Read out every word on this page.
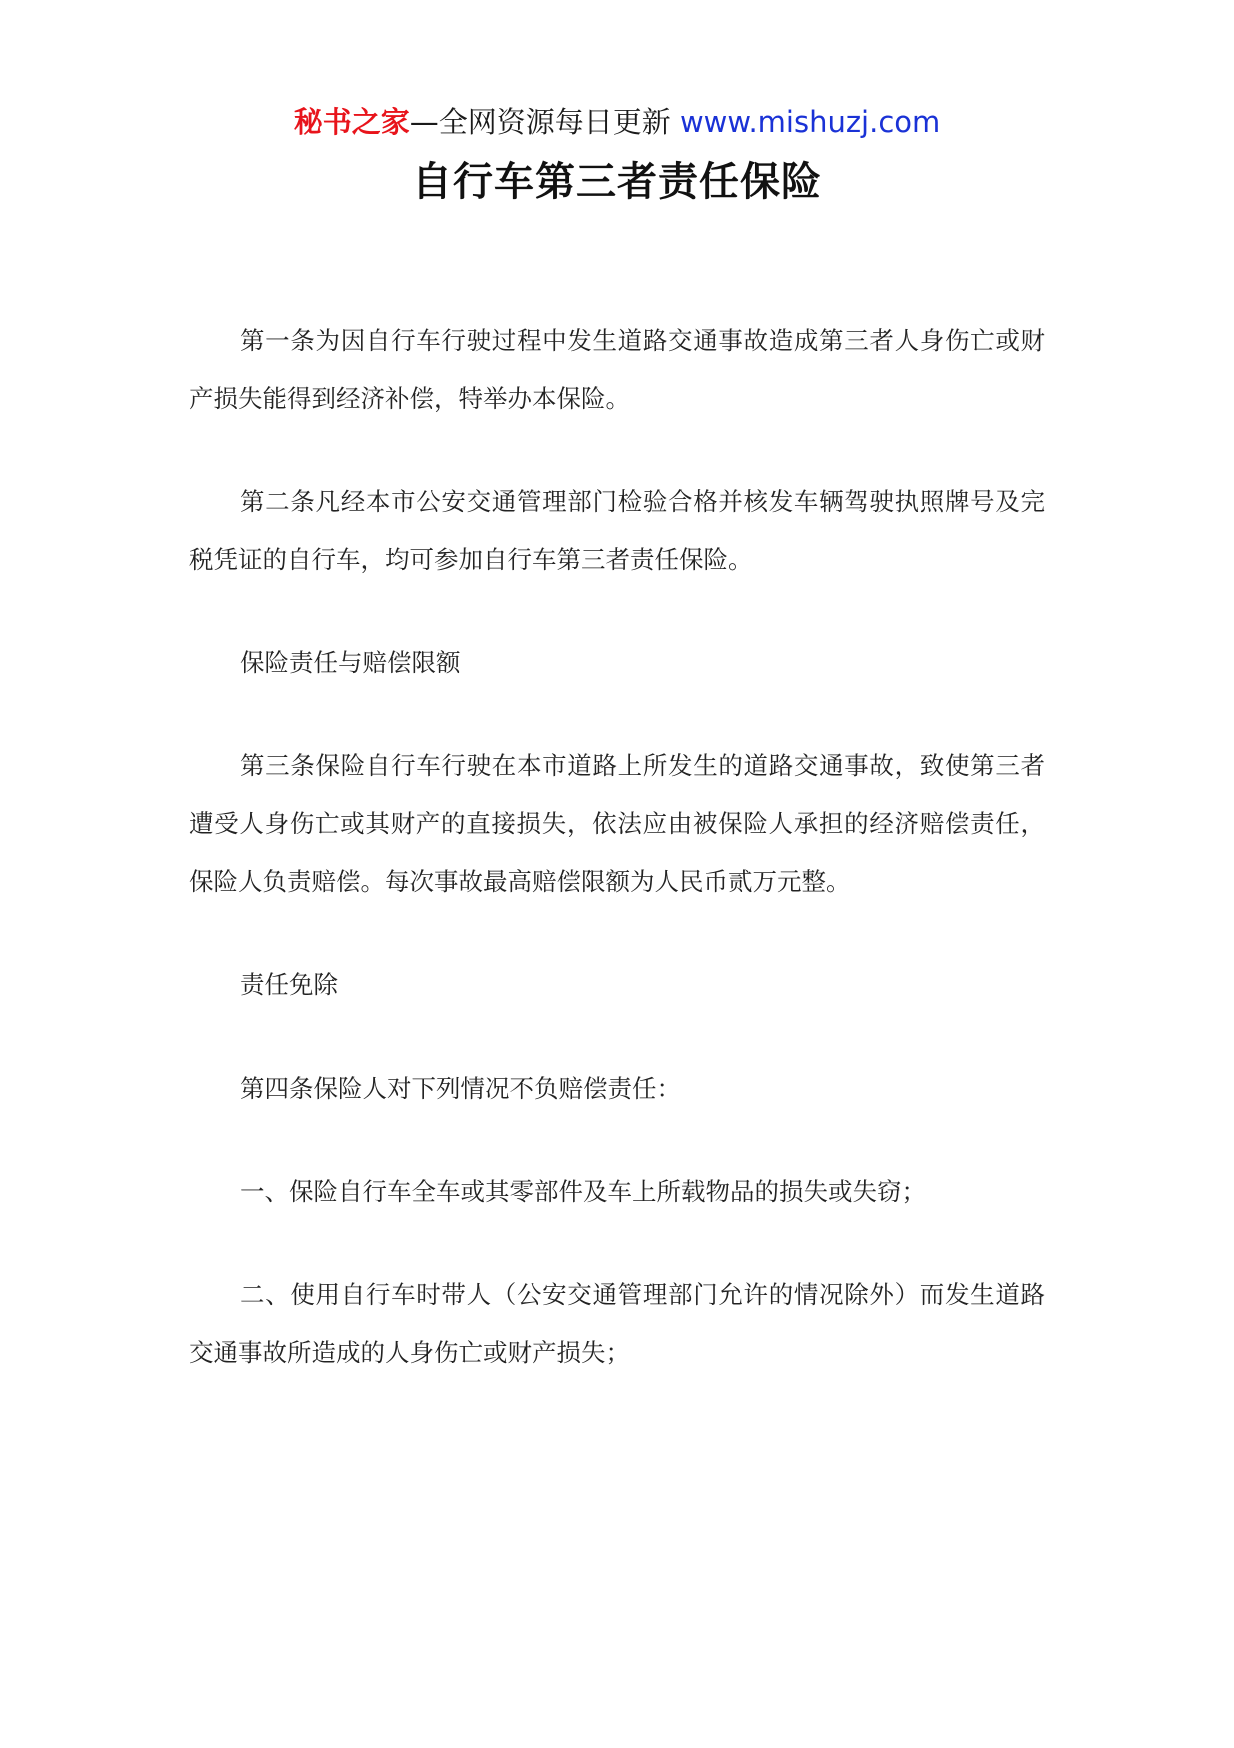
秘书之家—全网资源每日更新 www.mishuzj.com
自行车第三者责任保险

第一条为因自行车行驶过程中发生道路交通事故造成第三者人身伤亡或财产损失能得到经济补偿，特举办本保险。

第二条凡经本市公安交通管理部门检验合格并核发车辆驾驶执照牌号及完税凭证的自行车，均可参加自行车第三者责任保险。

保险责任与赔偿限额

第三条保险自行车行驶在本市道路上所发生的道路交通事故，致使第三者遭受人身伤亡或其财产的直接损失，依法应由被保险人承担的经济赔偿责任，保险人负责赔偿。每次事故最高赔偿限额为人民币贰万元整。

责任免除

第四条保险人对下列情况不负赔偿责任：

一、保险自行车全车或其零部件及车上所载物品的损失或失窃；

二、使用自行车时带人（公安交通管理部门允许的情况除外）而发生道路交通事故所造成的人身伤亡或财产损失；
